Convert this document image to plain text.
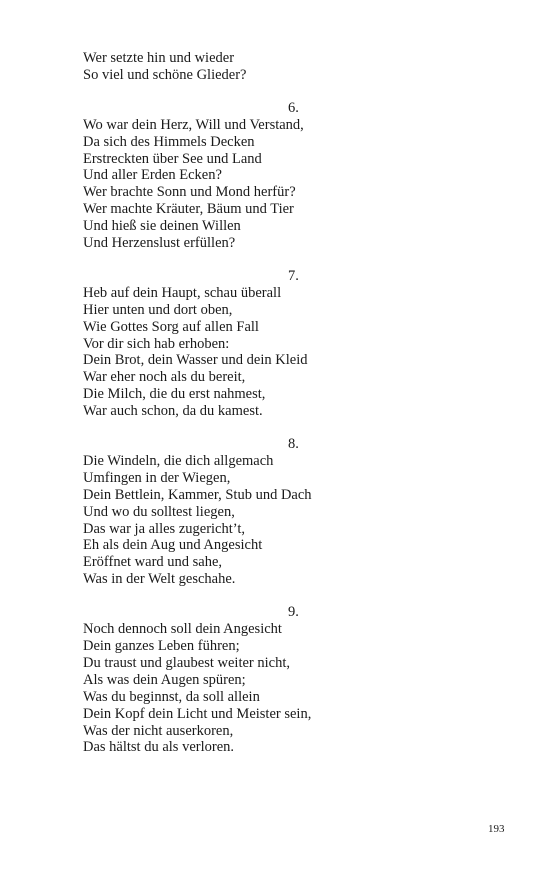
Wer setzte hin und wieder
So viel und schöne Glieder?
6.
Wo war dein Herz, Will und Verstand,
Da sich des Himmels Decken
Erstreckten über See und Land
Und aller Erden Ecken?
Wer brachte Sonn und Mond herfür?
Wer machte Kräuter, Bäum und Tier
Und hieß sie deinen Willen
Und Herzenslust erfüllen?
7.
Heb auf dein Haupt, schau überall
Hier unten und dort oben,
Wie Gottes Sorg auf allen Fall
Vor dir sich hab erhoben:
Dein Brot, dein Wasser und dein Kleid
War eher noch als du bereit,
Die Milch, die du erst nahmest,
War auch schon, da du kamest.
8.
Die Windeln, die dich allgemach
Umfingen in der Wiegen,
Dein Bettlein, Kammer, Stub und Dach
Und wo du solltest liegen,
Das war ja alles zugericht’t,
Eh als dein Aug und Angesicht
Eröffnet ward und sahe,
Was in der Welt geschahe.
9.
Noch dennoch soll dein Angesicht
Dein ganzes Leben führen;
Du traust und glaubest weiter nicht,
Als was dein Augen spüren;
Was du beginnst, da soll allein
Dein Kopf dein Licht und Meister sein,
Was der nicht auserkoren,
Das hältst du als verloren.
193
